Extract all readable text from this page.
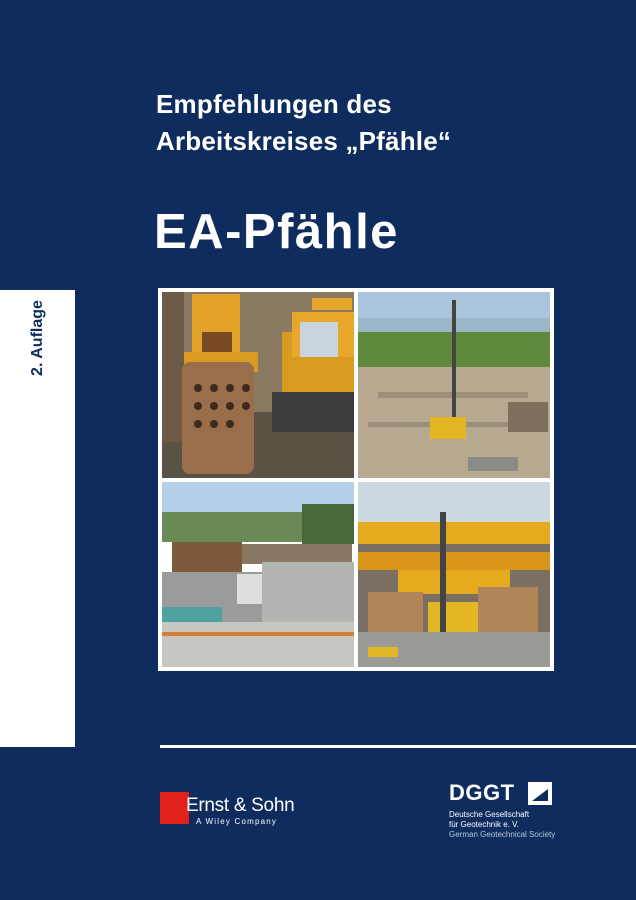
Empfehlungen des
Arbeitskreises „Pfähle“
EA-Pfähle
2. Auflage
Ernst & Sohn
A Wiley Company
DGGT
Deutsche Gesellschaft
für Geotechnik e. V.
German Geotechnical Society
